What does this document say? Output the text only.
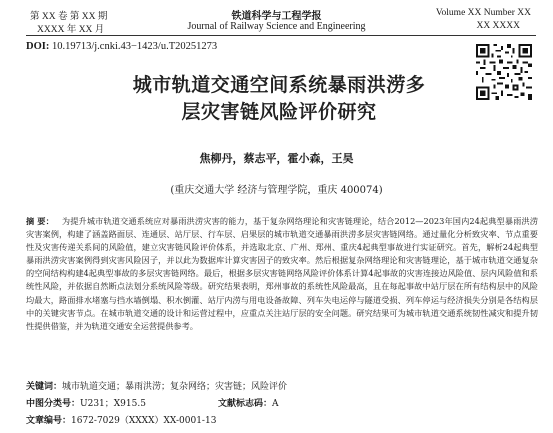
第 XX 卷 第 XX 期
XXXX 年 XX 月
铁道科学与工程学报
Journal of Railway Science and Engineering
Volume XX Number XX
XX XXXX
DOI: 10.19713/j.cnki.43−1423/u.T20251273
城市轨道交通空间系统暴雨洪涝多
层灾害链风险评价研究
焦柳丹，蔡志平，霍小森，王昊
(重庆交通大学 经济与管理学院，重庆 400074)
摘 要： 为提升城市轨道交通系统应对暴雨洪涝灾害的能力，基于复杂网络理论和灾害链理论，结合2012—2023年国内24起典型暴雨洪涝灾害案例，构建了涵盖路面层、连通层、站厅层、行车层、启果层的城市轨道交通暴雨洪涝多层灾害链网络。通过量化分析致灾率、节点重要性及灾害传递关系间的风险值，建立灾害链风险评价体系，并选取北京、广州、郑州、重庆4起典型事故进行实证研究。首先，解析24起典型暴雨洪涝灾害案例得到灾害风险因子，并以此为数据库计算灾害因子的致灾率。然后根据复杂网络理论和灾害链理论，基于城市轨道交通复杂的空间结构构建4起典型事故的多层灾害链网络。最后，根据多层灾害链网络风险评价体系计算4起事故的灾害连接边风险值、层内风险值和系统性风险，并依据自然断点法划分系统风险等级。研究结果表明，郑州事故的系统性风险最高，且在每起事故中站厅层在所有结构层中的风险均最大，路面排水堵塞与挡水墙倒塌、积水倒灌、站厅内涝与用电设备故障、列车失电运停与隧道受损、列车停运与经济损失分别是各结构层中的关键灾害节点。在城市轨道交通的设计和运营过程中，应重点关注站厅层的安全问题。研究结果可为城市轨道交通系统韧性减灾和提升韧性提供借鉴，并为轨道交通安全运营提供参考。
关键词：城市轨道交通；暴雨洪涝；复杂网络；灾害链；风险评价
中图分类号：U231；X915.5	文献标志码：A
文章编号：1672-7029（XXXX）XX-0001-13
